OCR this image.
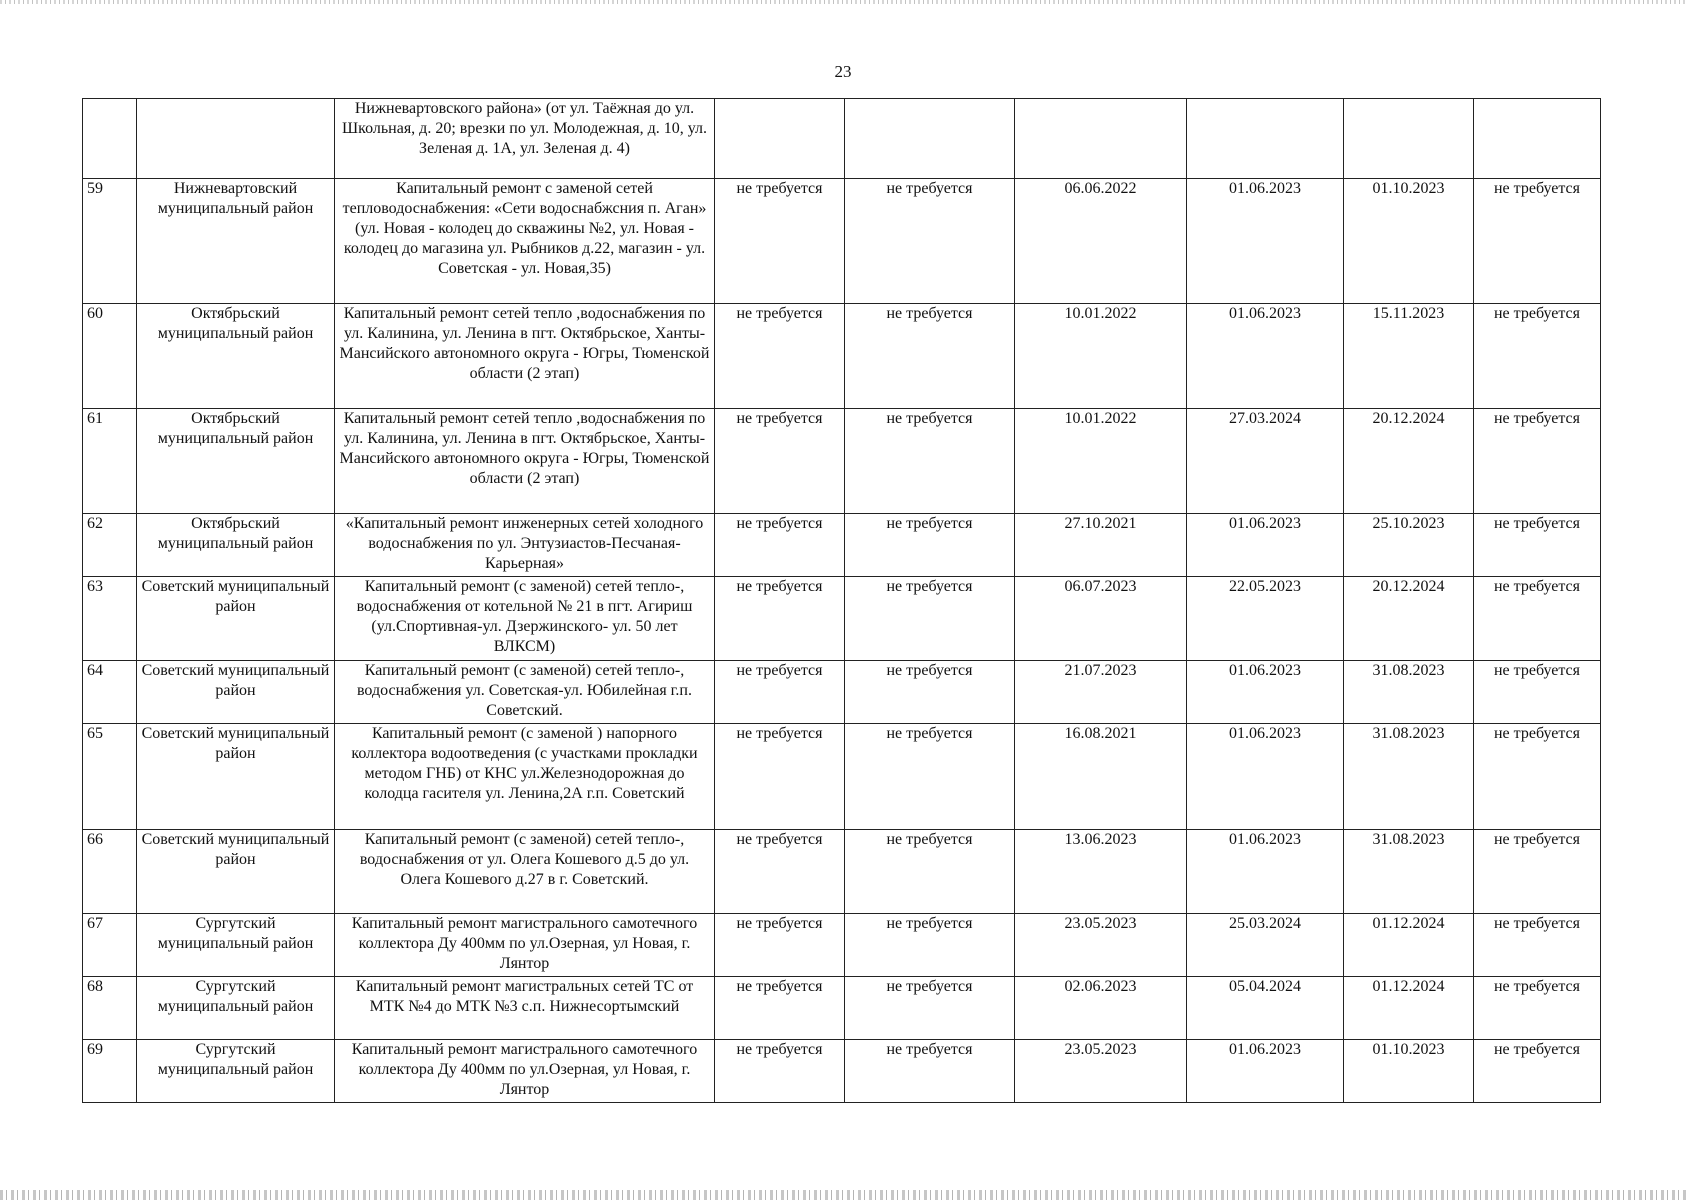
23
		Нижневартовского района» (от ул. Таёжная до ул. Школьная, д. 20; врезки по ул. Молодежная, д. 10, ул. Зеленая д. 1А, ул. Зеленая д. 4)						
59	Нижневартовский муниципальный район	Капитальный ремонт с заменой сетей тепловодоснабжения: «Сети водоснабжсния п. Аган» (ул. Новая - колодец до скважины №2, ул. Новая - колодец до магазина ул. Рыбников д.22, магазин - ул. Советская - ул. Новая,35)	не требуется	не требуется	06.06.2022	01.06.2023	01.10.2023	не требуется
60	Октябрьский муниципальный район	Капитальный ремонт сетей тепло ,водоснабжения по ул. Калинина, ул. Ленина в пгт. Октябрьское, Ханты-Мансийского автономного округа - Югры, Тюменской области (2 этап)	не требуется	не требуется	10.01.2022	01.06.2023	15.11.2023	не требуется
61	Октябрьский муниципальный район	Капитальный ремонт сетей тепло ,водоснабжения по ул. Калинина, ул. Ленина в пгт. Октябрьское, Ханты-Мансийского автономного округа - Югры, Тюменской области (2 этап)	не требуется	не требуется	10.01.2022	27.03.2024	20.12.2024	не требуется
62	Октябрьский муниципальный район	«Капитальный ремонт инженерных сетей холодного водоснабжения по ул. Энтузиастов-Песчаная-Карьерная»	не требуется	не требуется	27.10.2021	01.06.2023	25.10.2023	не требуется
63	Советский муниципальный район	Капитальный ремонт (с заменой) сетей тепло-, водоснабжения от котельной № 21 в пгт. Агириш (ул.Спортивная-ул. Дзержинского- ул. 50 лет ВЛКСМ)	не требуется	не требуется	06.07.2023	22.05.2023	20.12.2024	не требуется
64	Советский муниципальный район	Капитальный ремонт (с заменой) сетей тепло-, водоснабжения ул. Советская-ул. Юбилейная г.п. Советский.	не требуется	не требуется	21.07.2023	01.06.2023	31.08.2023	не требуется
65	Советский муниципальный район	Капитальный ремонт (с заменой ) напорного коллектора водоотведения (с участками прокладки методом ГНБ) от КНС ул.Железнодорожная до колодца гасителя ул. Ленина,2А г.п. Советский	не требуется	не требуется	16.08.2021	01.06.2023	31.08.2023	не требуется
66	Советский муниципальный район	Капитальный ремонт (с заменой) сетей тепло-, водоснабжения от ул. Олега Кошевого д.5 до ул. Олега Кошевого д.27 в г. Советский.	не требуется	не требуется	13.06.2023	01.06.2023	31.08.2023	не требуется
67	Сургутский муниципальный район	Капитальный ремонт магистрального самотечного коллектора Ду 400мм по ул.Озерная, ул Новая, г. Лянтор	не требуется	не требуется	23.05.2023	25.03.2024	01.12.2024	не требуется
68	Сургутский муниципальный район	Капитальный ремонт магистральных сетей ТС от МТК №4 до МТК №3 с.п. Нижнесортымский	не требуется	не требуется	02.06.2023	05.04.2024	01.12.2024	не требуется
69	Сургутский муниципальный район	Капитальный ремонт магистрального самотечного коллектора Ду 400мм по ул.Озерная, ул Новая, г. Лянтор	не требуется	не требуется	23.05.2023	01.06.2023	01.10.2023	не требуется
